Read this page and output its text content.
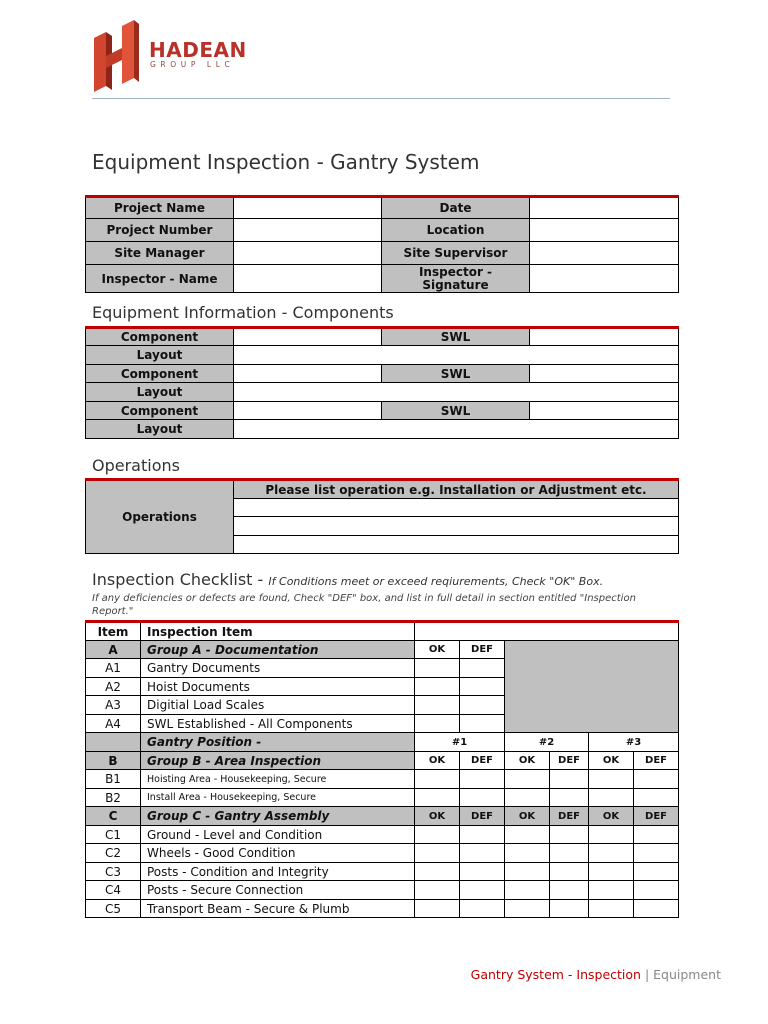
HADEAN
GROUP LLC
Equipment Inspection - Gantry System
Project Name		Date	
Project Number		Location	
Site Manager		Site Supervisor	
Inspector - Name		Inspector - Signature	
Equipment Information - Components
Component		SWL	
Layout			
Component		SWL	
Layout			
Component		SWL	
Layout			
Operations
Operations	Please list operation e.g. Installation or Adjustment etc.

Inspection Checklist - If Conditions meet or exceed reqiurements, Check "OK" Box.
If any deficiencies or defects are found, Check "DEF" box, and list in full detail in section entitled "Inspection Report."
Item	Inspection Item						
A	Group A - Documentation	OK	DEF				
A1	Gantry Documents						
A2	Hoist Documents						
A3	Digitial Load Scales						
A4	SWL Established - All Components						
	Gantry Position -	#1		#2		#3	
B	Group B - Area Inspection	OK	DEF	OK	DEF	OK	DEF
B1	Hoisting Area - Housekeeping, Secure						
B2	Install Area - Housekeeping, Secure						
C	Group C - Gantry Assembly	OK	DEF	OK	DEF	OK	DEF
C1	Ground - Level and Condition						
C2	Wheels - Good Condition						
C3	Posts - Condition and Integrity						
C4	Posts - Secure Connection						
C5	Transport Beam - Secure & Plumb						
Gantry System - Inspection | Equipment
